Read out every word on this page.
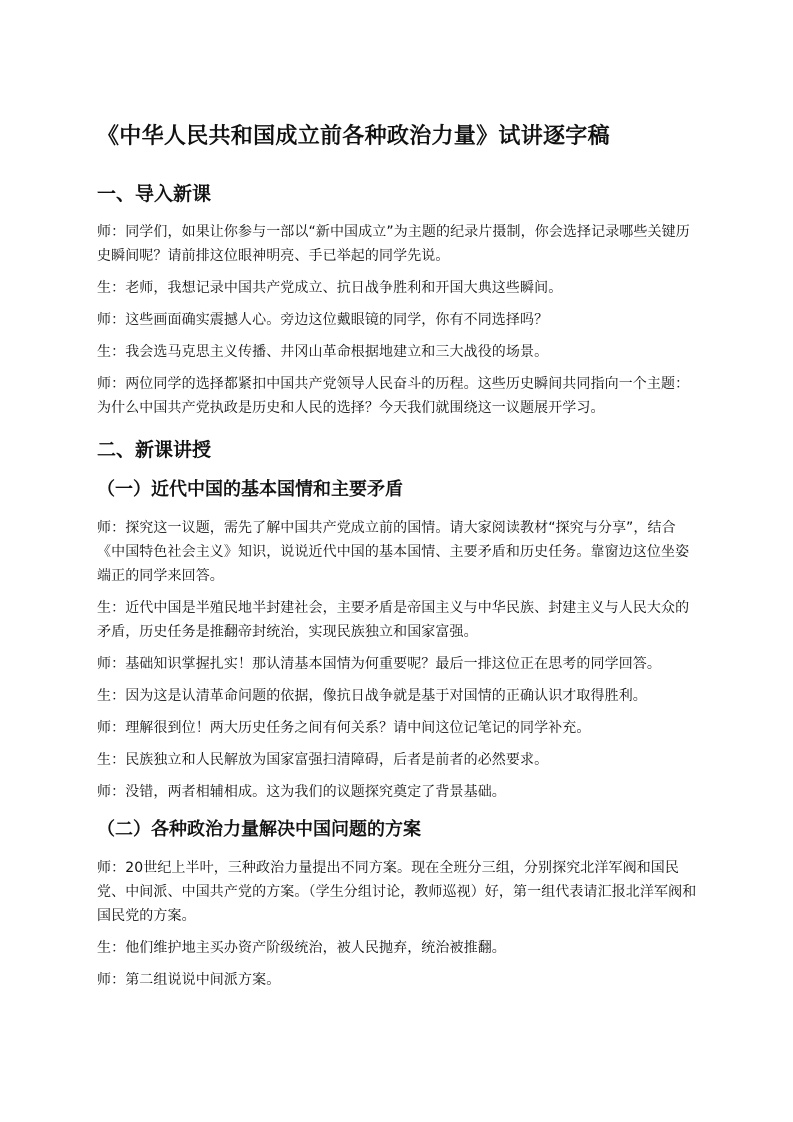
《中华人民共和国成立前各种政治力量》试讲逐字稿
一、导入新课

师：同学们，如果让你参与一部以“新中国成立”为主题的纪录片摄制，你会选择记录哪些关键历史瞬间呢？请前排这位眼神明亮、手已举起的同学先说。

生：老师，我想记录中国共产党成立、抗日战争胜利和开国大典这些瞬间。

师：这些画面确实震撼人心。旁边这位戴眼镜的同学，你有不同选择吗？

生：我会选马克思主义传播、井冈山革命根据地建立和三大战役的场景。

师：两位同学的选择都紧扣中国共产党领导人民奋斗的历程。这些历史瞬间共同指向一个主题：为什么中国共产党执政是历史和人民的选择？今天我们就围绕这一议题展开学习。

二、新课讲授
（一）近代中国的基本国情和主要矛盾

师：探究这一议题，需先了解中国共产党成立前的国情。请大家阅读教材“探究与分享”，结合《中国特色社会主义》知识，说说近代中国的基本国情、主要矛盾和历史任务。靠窗边这位坐姿端正的同学来回答。

生：近代中国是半殖民地半封建社会，主要矛盾是帝国主义与中华民族、封建主义与人民大众的矛盾，历史任务是推翻帝封统治，实现民族独立和国家富强。

师：基础知识掌握扎实！那认清基本国情为何重要呢？最后一排这位正在思考的同学回答。

生：因为这是认清革命问题的依据，像抗日战争就是基于对国情的正确认识才取得胜利。

师：理解很到位！两大历史任务之间有何关系？请中间这位记笔记的同学补充。

生：民族独立和人民解放为国家富强扫清障碍，后者是前者的必然要求。

师：没错，两者相辅相成。这为我们的议题探究奠定了背景基础。

（二）各种政治力量解决中国问题的方案

师：20世纪上半叶，三种政治力量提出不同方案。现在全班分三组，分别探究北洋军阀和国民党、中间派、中国共产党的方案。（学生分组讨论，教师巡视）好，第一组代表请汇报北洋军阀和国民党的方案。

生：他们维护地主买办资产阶级统治，被人民抛弃，统治被推翻。

师：第二组说说中间派方案。
